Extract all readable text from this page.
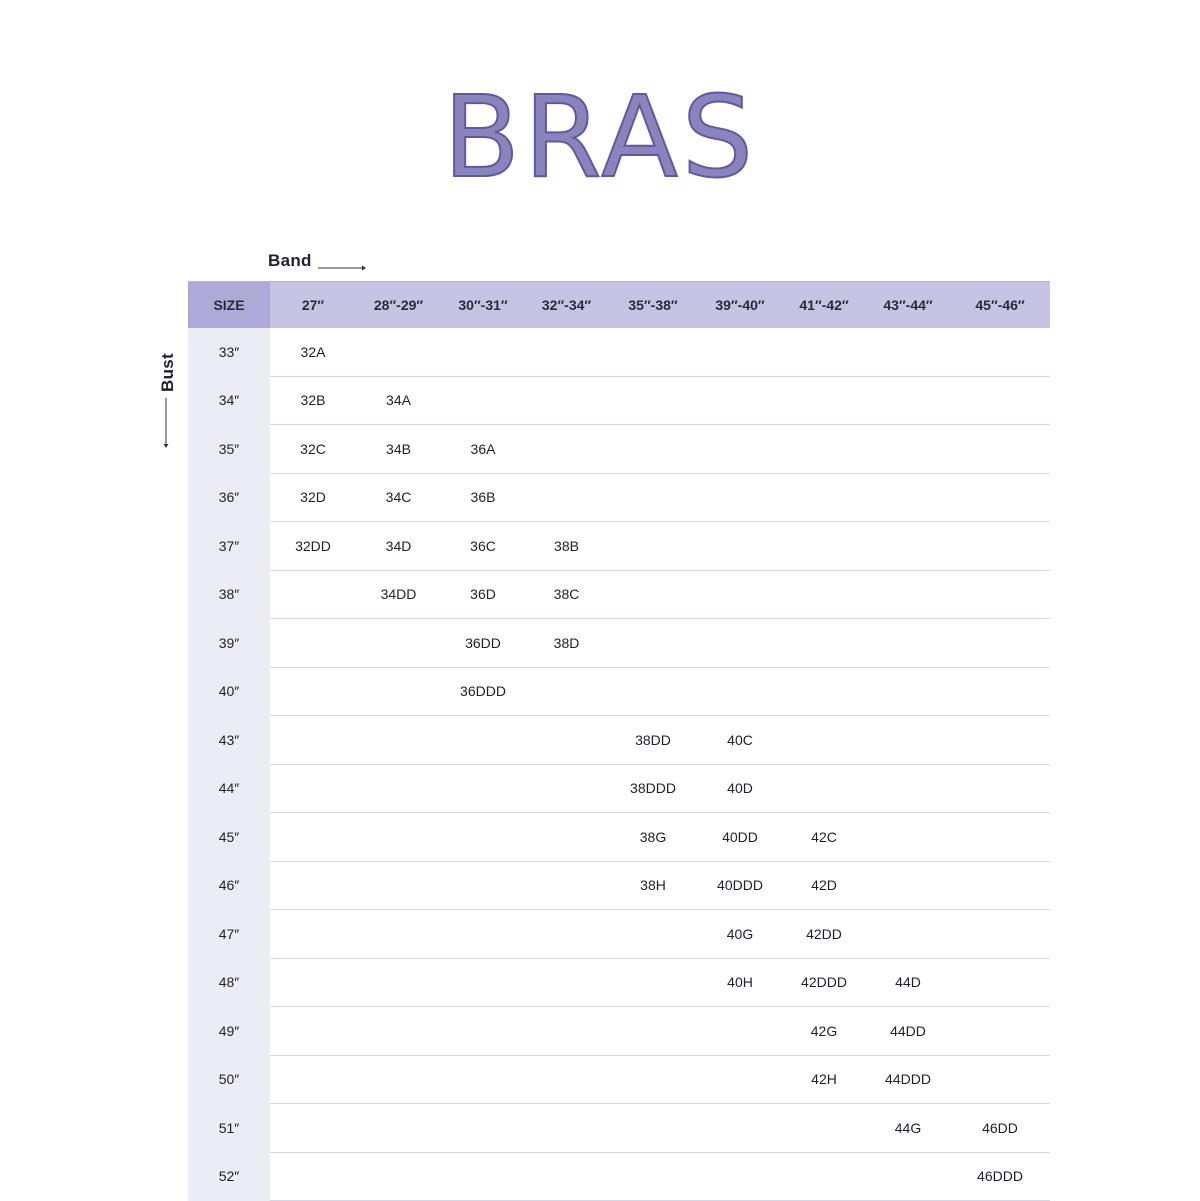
BRAS
Band
Bust
SIZE	27″	28″-29″	30″-31″	32″-34″	35″-38″	39″-40″	41″-42″	43″-44″	45″-46″
33″	32A								
34″	32B	34A							
35″	32C	34B	36A						
36″	32D	34C	36B						
37″	32DD	34D	36C	38B					
38″		34DD	36D	38C					
39″			36DD	38D					
40″			36DDD						
43″					38DD	40C			
44″					38DDD	40D			
45″					38G	40DD	42C		
46″					38H	40DDD	42D		
47″						40G	42DD		
48″						40H	42DDD	44D	
49″							42G	44DD	
50″							42H	44DDD	
51″								44G	46DD
52″									46DDD
